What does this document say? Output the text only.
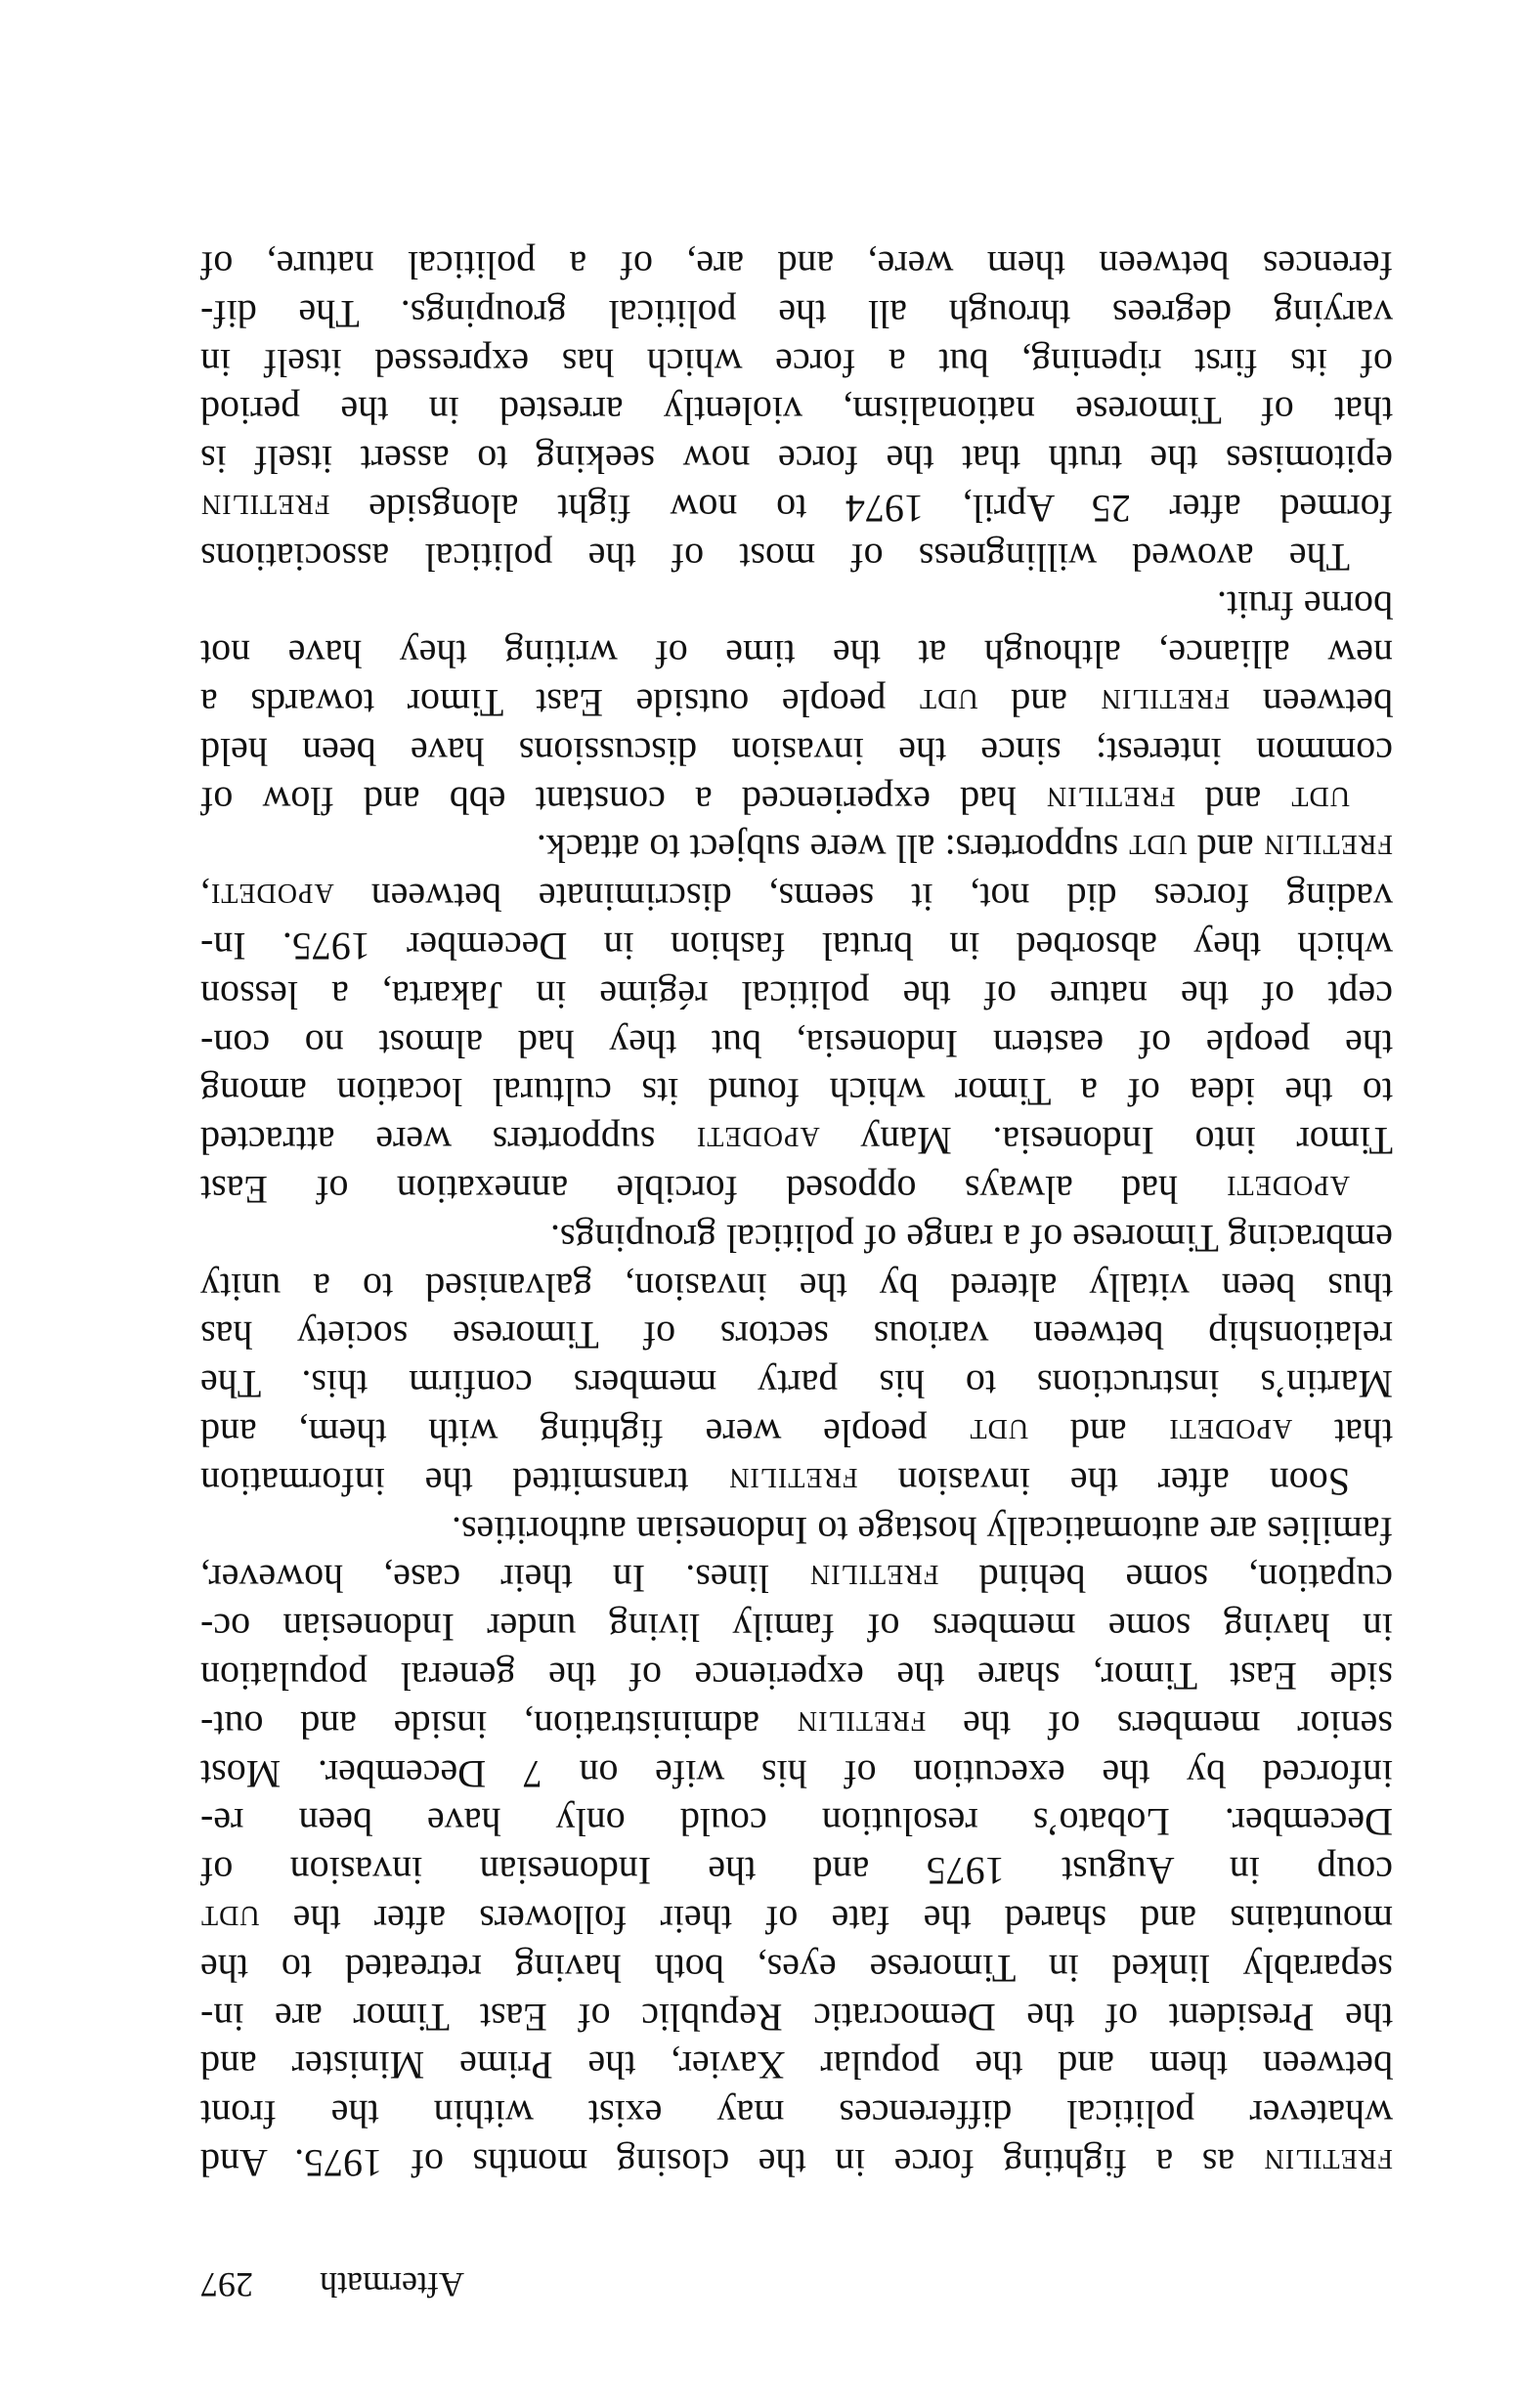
Aftermath
297
fretilin as a fighting force in the closing months of 1975. And
whatever political differences may exist within the front
between them and the popular Xavier, the Prime Minister and
the President of the Democratic Republic of East Timor are in-
separably linked in Timorese eyes, both having retreated to the
mountains and shared the fate of their followers after the udt
coup in August 1975 and the Indonesian invasion of
December. Lobato’s resolution could only have been re-
inforced by the execution of his wife on 7 December. Most
senior members of the fretilin administration, inside and out-
side East Timor, share the experience of the general population
in having some members of family living under Indonesian oc-
cupation, some behind fretilin lines. In their case, however,
families are automatically hostage to Indonesian authorities.
Soon after the invasion fretilin transmitted the information
that apodeti and udt people were fighting with them, and
Martin’s instructions to his party members confirm this. The
relationship between various sectors of Timorese society has
thus been vitally altered by the invasion, galvanised to a unity
embracing Timorese of a range of political groupings.
apodeti had always opposed forcible annexation of East
Timor into Indonesia. Many apodeti supporters were attracted
to the idea of a Timor which found its cultural location among
the people of eastern Indonesia, but they had almost no con-
cept of the nature of the political régime in Jakarta, a lesson
which they absorbed in brutal fashion in December 1975. In-
vading forces did not, it seems, discriminate between apodeti,
fretilin and udt supporters: all were subject to attack.
udt and fretilin had experienced a constant ebb and flow of
common interest; since the invasion discussions have been held
between fretilin and udt people outside East Timor towards a
new alliance, although at the time of writing they have not
borne fruit.
The avowed willingness of most of the political associations
formed after 25 April, 1974 to now fight alongside fretilin
epitomises the truth that the force now seeking to assert itself is
that of Timorese nationalism, violently arrested in the period
of its first ripening, but a force which has expressed itself in
varying degrees through all the political groupings. The dif-
ferences between them were, and are, of a political nature, of
